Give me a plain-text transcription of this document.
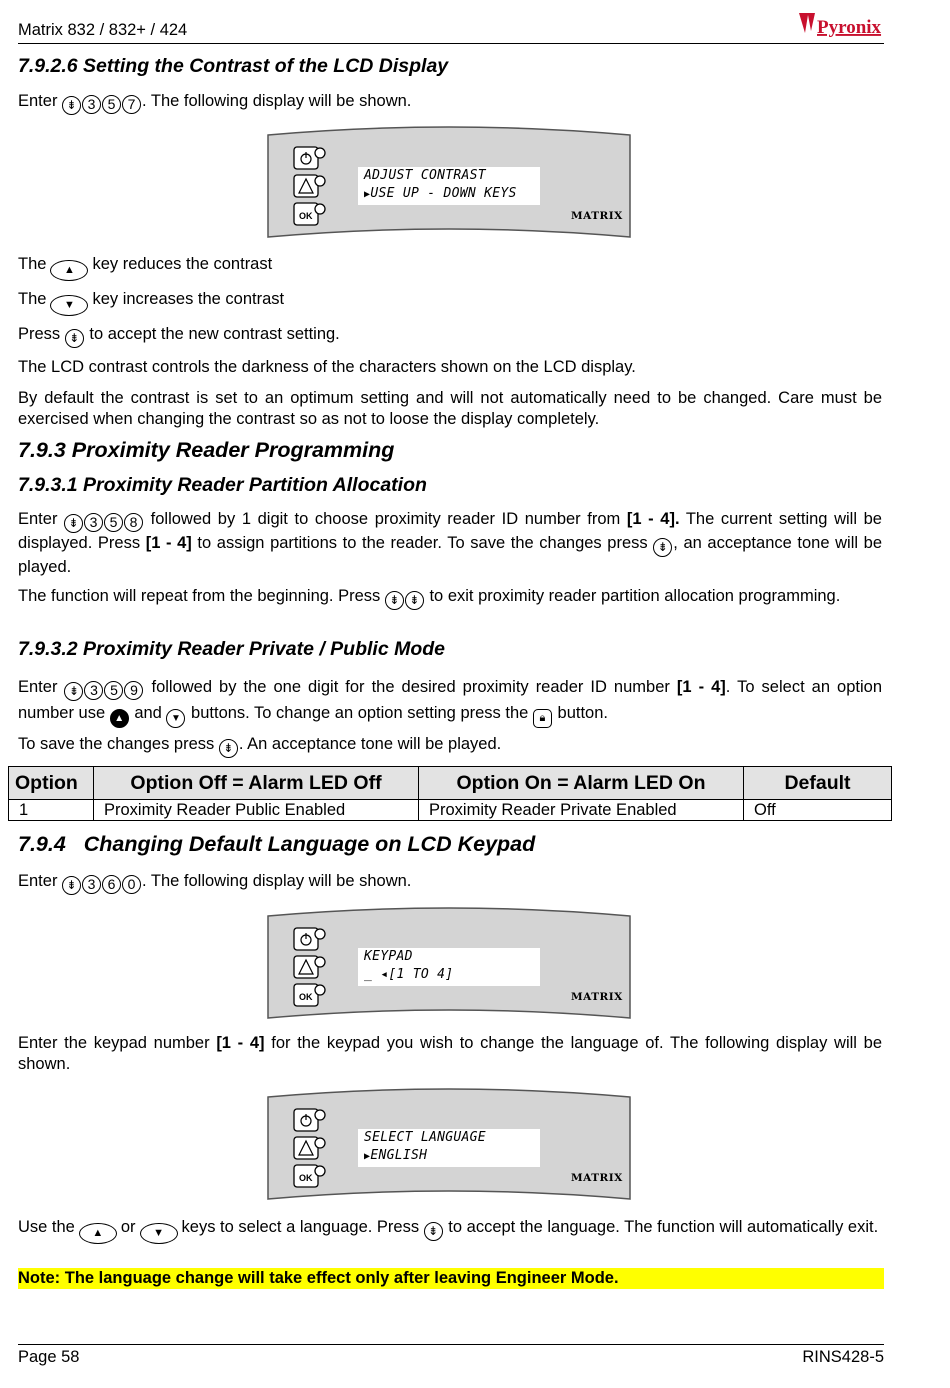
Matrix 832 / 832+ / 424	Pyronix
7.9.2.6 Setting the Contrast of the LCD Display
Enter ⇟ 3 5 7 . The following display will be shown.
OK
ADJUST CONTRAST
▶USE UP - DOWN KEYS
MATRIX
The ▲ key reduces the contrast
The ▼ key increases the contrast
Press ⇟ to accept the new contrast setting.
The LCD contrast controls the darkness of the characters shown on the LCD display.
By default the contrast is set to an optimum setting and will not automatically need to be changed. Care must be exercised when changing the contrast so as not to loose the display completely.
7.9.3 Proximity Reader Programming
7.9.3.1 Proximity Reader Partition Allocation
Enter ⇟ 3 5 8 followed by 1 digit to choose proximity reader ID number from [1 - 4]. The current setting will be displayed. Press [1 - 4] to assign partitions to the reader. To save the changes press ⇟ , an acceptance tone will be played.
The function will repeat from the beginning. Press ⇟ ⇟ to exit proximity reader partition allocation programming.
7.9.3.2 Proximity Reader Private / Public Mode
Enter ⇟ 3 5 9 followed by the one digit for the desired proximity reader ID number [1 - 4]. To select an option number use ▲ and ▼ buttons. To change an option setting press the 🔒︎ button.
To save the changes press ⇟ . An acceptance tone will be played.
Option	Option Off = Alarm LED Off	Option On = Alarm LED On	Default
1	Proximity Reader Public Enabled	Proximity Reader Private Enabled	Off
7.9.4   Changing Default Language on LCD Keypad
Enter ⇟ 3 6 0 . The following display will be shown.
OK
KEYPAD
_ ◂[1 TO 4]
MATRIX
Enter the keypad number [1 - 4] for the keypad you wish to change the language of. The following display will be shown.
OK
SELECT LANGUAGE
▶ENGLISH
MATRIX
Use the ▲ or ▼ keys to select a language. Press ⇟ to accept the language. The function will automatically exit.
Note: The language change will take effect only after leaving Engineer Mode.
Page 58	RINS428-5
